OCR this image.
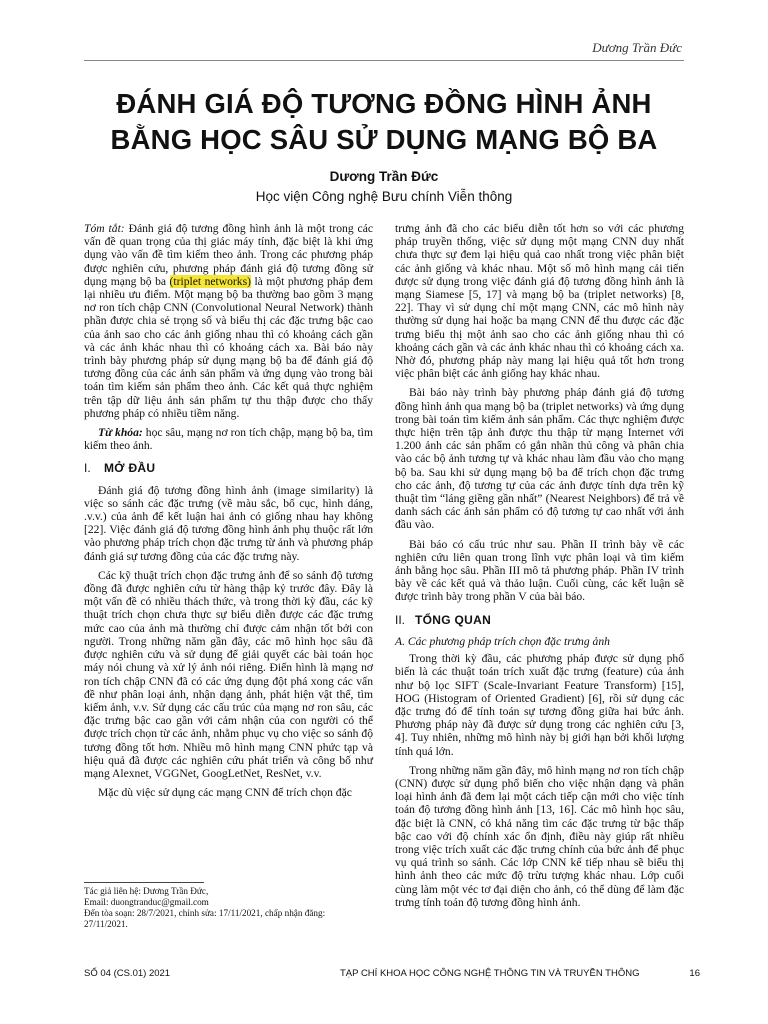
Dương Trần Đức
ĐÁNH GIÁ ĐỘ TƯƠNG ĐỒNG HÌNH ẢNH
BẰNG HỌC SÂU SỬ DỤNG MẠNG BỘ BA
Dương Trần Đức
Học viện Công nghệ Bưu chính Viễn thông

Tóm tắt: Đánh giá độ tương đồng hình ảnh là một trong các vấn đề quan trọng của thị giác máy tính, đặc biệt là khi ứng dụng vào vấn đề tìm kiếm theo ảnh. Trong các phương pháp được nghiên cứu, phương pháp đánh giá độ tương đồng sử dụng mạng bộ ba (triplet networks) là một phương pháp đem lại nhiều ưu điểm. Một mạng bộ ba thường bao gồm 3 mạng nơ ron tích chập CNN (Convolutional Neural Network) thành phần được chia sẻ trọng số và biểu thị các đặc trưng bậc cao của ảnh sao cho các ảnh giống nhau thì có khoảng cách gần và các ảnh khác nhau thì có khoảng cách xa. Bài báo này trình bày phương pháp sử dụng mạng bộ ba để đánh giá độ tương đồng của các ảnh sản phẩm và ứng dụng vào trong bài toán tìm kiếm sản phẩm theo ảnh. Các kết quả thực nghiệm trên tập dữ liệu ảnh sản phẩm tự thu thập được cho thấy phương pháp có nhiều tiềm năng.

Từ khóa: học sâu, mạng nơ ron tích chập, mạng bộ ba, tìm kiếm theo ảnh.

I. MỞ ĐẦU

Đánh giá độ tương đồng hình ảnh (image similarity) là việc so sánh các đặc trưng (về màu sắc, bố cục, hình dáng, .v.v.) của ảnh để kết luận hai ảnh có giống nhau hay không [22]. Việc đánh giá độ tương đồng hình ảnh phụ thuộc rất lớn vào phương pháp trích chọn đặc trưng từ ảnh và phương pháp đánh giá sự tương đồng của các đặc trưng này.

Các kỹ thuật trích chọn đặc trưng ảnh để so sánh độ tương đồng đã được nghiên cứu từ hàng thập kỷ trước đây. Đây là một vấn đề có nhiều thách thức, và trong thời kỳ đầu, các kỹ thuật trích chọn chưa thực sự biểu diễn được các đặc trưng mức cao của ảnh mà thường chỉ được cảm nhận tốt bởi con người. Trong những năm gần đây, các mô hình học sâu đã được nghiên cứu và sử dụng để giải quyết các bài toán học máy nói chung và xử lý ảnh nói riêng. Điển hình là mạng nơ ron tích chập CNN đã có các ứng dụng đột phá xong các vấn đề như phân loại ảnh, nhận dạng ảnh, phát hiện vật thể, tìm kiếm ảnh, v.v. Sử dụng các cấu trúc của mạng nơ ron sâu, các đặc trưng bậc cao gần với cảm nhận của con người có thể được trích chọn từ các ảnh, nhằm phục vụ cho việc so sánh độ tương đồng tốt hơn. Nhiều mô hình mạng CNN phức tạp và hiệu quả đã được các nghiên cứu phát triển và công bố như mạng Alexnet, VGGNet, GoogLetNet, ResNet, v.v.

Mặc dù việc sử dụng các mạng CNN để trích chọn đặc

trưng ảnh đã cho các biểu diễn tốt hơn so với các phương pháp truyền thống, việc sử dụng một mạng CNN duy nhất chưa thực sự đem lại hiệu quả cao nhất trong việc phân biệt các ảnh giống và khác nhau. Một số mô hình mạng cải tiến được sử dụng trong việc đánh giá độ tương đồng hình ảnh là mạng Siamese [5, 17] và mạng bộ ba (triplet networks) [8, 22]. Thay vì sử dụng chỉ một mạng CNN, các mô hình này thường sử dụng hai hoặc ba mạng CNN để thu được các đặc trưng biểu thị một ảnh sao cho các ảnh giống nhau thì có khoảng cách gần và các ảnh khác nhau thì có khoảng cách xa. Nhờ đó, phương pháp này mang lại hiệu quả tốt hơn trong việc phân biệt các ảnh giống hay khác nhau.

Bài báo này trình bày phương pháp đánh giá độ tương đồng hình ảnh qua mạng bộ ba (triplet networks) và ứng dụng trong bài toán tìm kiếm ảnh sản phẩm. Các thực nghiệm được thực hiện trên tập ảnh được thu thập từ mạng Internet với 1.200 ảnh các sản phẩm có gắn nhãn thủ công và phân chia vào các bộ ảnh tương tự và khác nhau làm đầu vào cho mạng bộ ba. Sau khi sử dụng mạng bộ ba để trích chọn đặc trưng cho các ảnh, độ tương tự của các ảnh được tính dựa trên kỹ thuật tìm “láng giềng gần nhất” (Nearest Neighbors) để trả về danh sách các ảnh sản phẩm có độ tương tự cao nhất với ảnh đầu vào.

Bài báo có cấu trúc như sau. Phần II trình bày về các nghiên cứu liên quan trong lĩnh vực phân loại và tìm kiếm ảnh bằng học sâu. Phần III mô tả phương pháp. Phần IV trình bày về các kết quả và thảo luận. Cuối cùng, các kết luận sẽ được trình bày trong phần V của bài báo.

II. TỔNG QUAN
A. Các phương pháp trích chọn đặc trưng ảnh

Trong thời kỳ đầu, các phương pháp được sử dụng phổ biến là các thuật toán trích xuất đặc trưng (feature) của ảnh như bộ lọc SIFT (Scale-Invariant Feature Transform) [15], HOG (Histogram of Oriented Gradient) [6], rồi sử dụng các đặc trưng đó để tính toán sự tương đồng giữa hai bức ảnh. Phương pháp này đã được sử dụng trong các nghiên cứu [3, 4]. Tuy nhiên, những mô hình này bị giới hạn bởi khối lượng tính quá lớn.

Trong những năm gần đây, mô hình mạng nơ ron tích chập (CNN) được sử dụng phổ biến cho việc nhận dạng và phân loại hình ảnh đã đem lại một cách tiếp cận mới cho việc tính toán độ tương đồng hình ảnh [13, 16]. Các mô hình học sâu, đặc biệt là CNN, có khả năng tìm các đặc trưng từ bậc thấp bậc cao với độ chính xác ổn định, điều này giúp rất nhiều trong việc trích xuất các đặc trưng chính của bức ảnh để phục vụ quá trình so sánh. Các lớp CNN kế tiếp nhau sẽ biểu thị hình ảnh theo các mức độ trừu tượng khác nhau. Lớp cuối cùng làm một véc tơ đại diện cho ảnh, có thể dùng để làm đặc trưng tính toán độ tương đồng hình ảnh.

Tác giả liên hệ: Dương Trần Đức,
Email: duongtranduc@gmail.com
Đến tòa soạn: 28/7/2021, chỉnh sửa: 17/11/2021, chấp nhận đăng: 27/11/2021.
SỐ 04 (CS.01) 2021	TẠP CHÍ KHOA HỌC CÔNG NGHỆ THÔNG TIN VÀ TRUYỀN THÔNG	16
